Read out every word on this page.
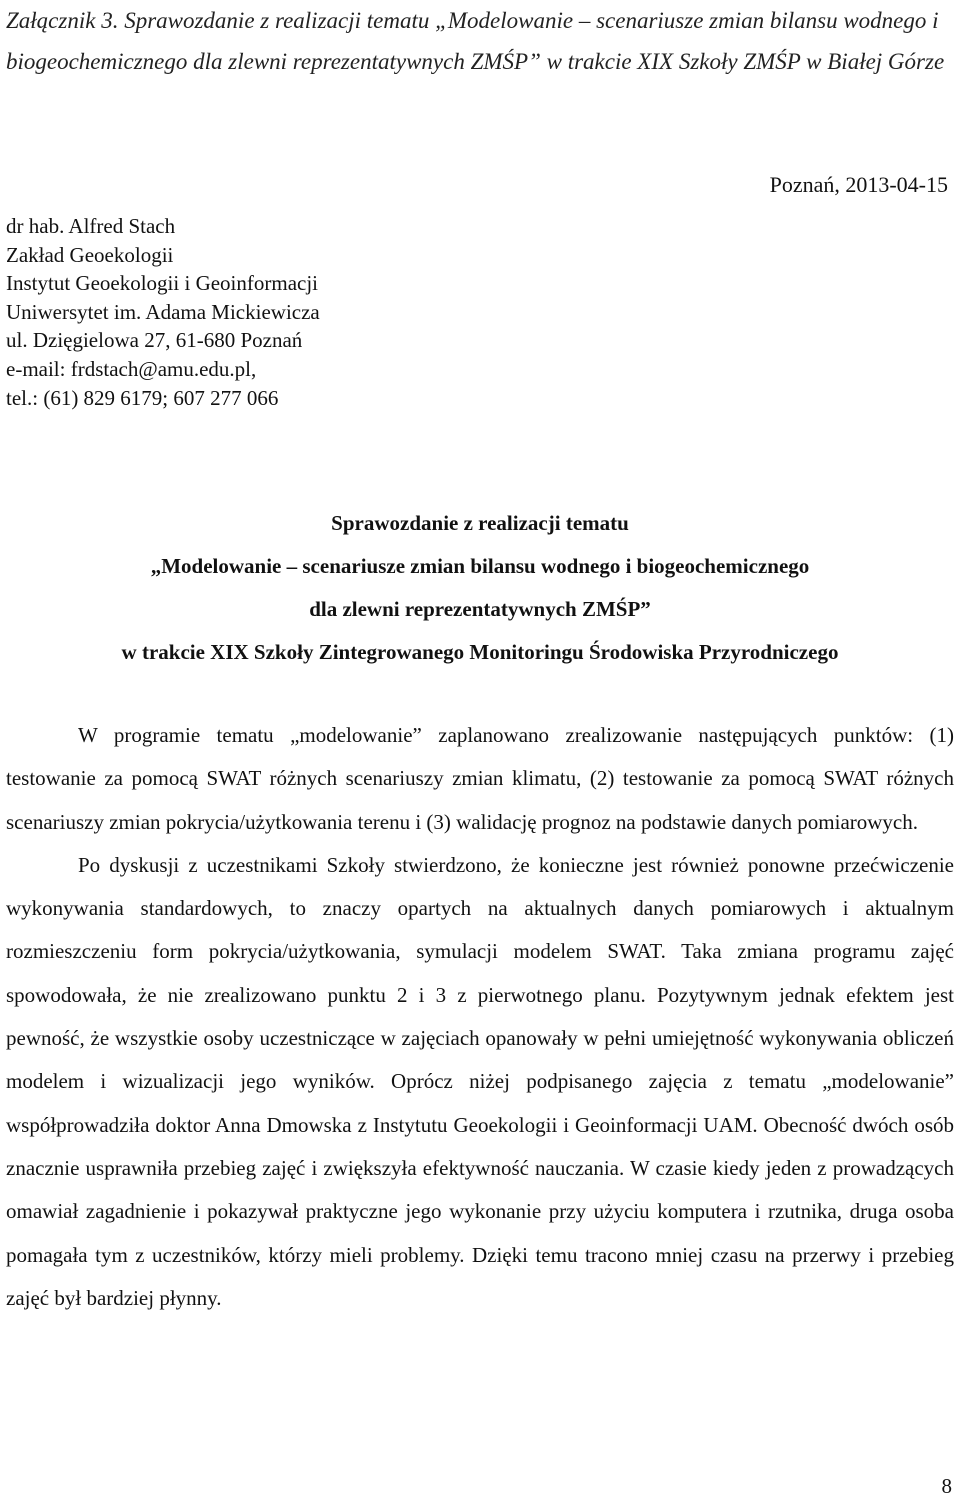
Załącznik 3. Sprawozdanie z realizacji tematu „Modelowanie – scenariusze zmian bilansu wodnego i biogeochemicznego dla zlewni reprezentatywnych ZMŚP” w trakcie XIX Szkoły ZMŚP w Białej Górze
Poznań, 2013-04-15
dr hab. Alfred Stach
Zakład Geoekologii
Instytut Geoekologii i Geoinformacji
Uniwersytet im. Adama Mickiewicza
ul. Dzięgielowa 27, 61-680 Poznań
e-mail: frdstach@amu.edu.pl,
tel.: (61) 829 6179; 607 277 066
Sprawozdanie z realizacji tematu
„Modelowanie – scenariusze zmian bilansu wodnego i biogeochemicznego
dla zlewni reprezentatywnych ZMŚP”
w trakcie XIX Szkoły Zintegrowanego Monitoringu Środowiska Przyrodniczego

W programie tematu „modelowanie” zaplanowano zrealizowanie następujących punktów: (1) testowanie za pomocą SWAT różnych scenariuszy zmian klimatu, (2) testowanie za pomocą SWAT różnych scenariuszy zmian pokrycia/użytkowania terenu i (3) walidację prognoz na podstawie danych pomiarowych.

Po dyskusji z uczestnikami Szkoły stwierdzono, że konieczne jest również ponowne przećwiczenie wykonywania standardowych, to znaczy opartych na aktualnych danych pomiarowych i aktualnym rozmieszczeniu form pokrycia/użytkowania, symulacji modelem SWAT. Taka zmiana programu zajęć spowodowała, że nie zrealizowano punktu 2 i 3 z pierwotnego planu. Pozytywnym jednak efektem jest pewność, że wszystkie osoby uczestniczące w zajęciach opanowały w pełni umiejętność wykonywania obliczeń modelem i wizualizacji jego wyników. Oprócz niżej podpisanego zajęcia z tematu „modelowanie” współprowadziła doktor Anna Dmowska z Instytutu Geoekologii i Geoinformacji UAM. Obecność dwóch osób znacznie usprawniła przebieg zajęć i zwiększyła efektywność nauczania. W czasie kiedy jeden z prowadzących omawiał zagadnienie i pokazywał praktyczne jego wykonanie przy użyciu komputera i rzutnika, druga osoba pomagała tym z uczestników, którzy mieli problemy. Dzięki temu tracono mniej czasu na przerwy i przebieg zajęć był bardziej płynny.

8
